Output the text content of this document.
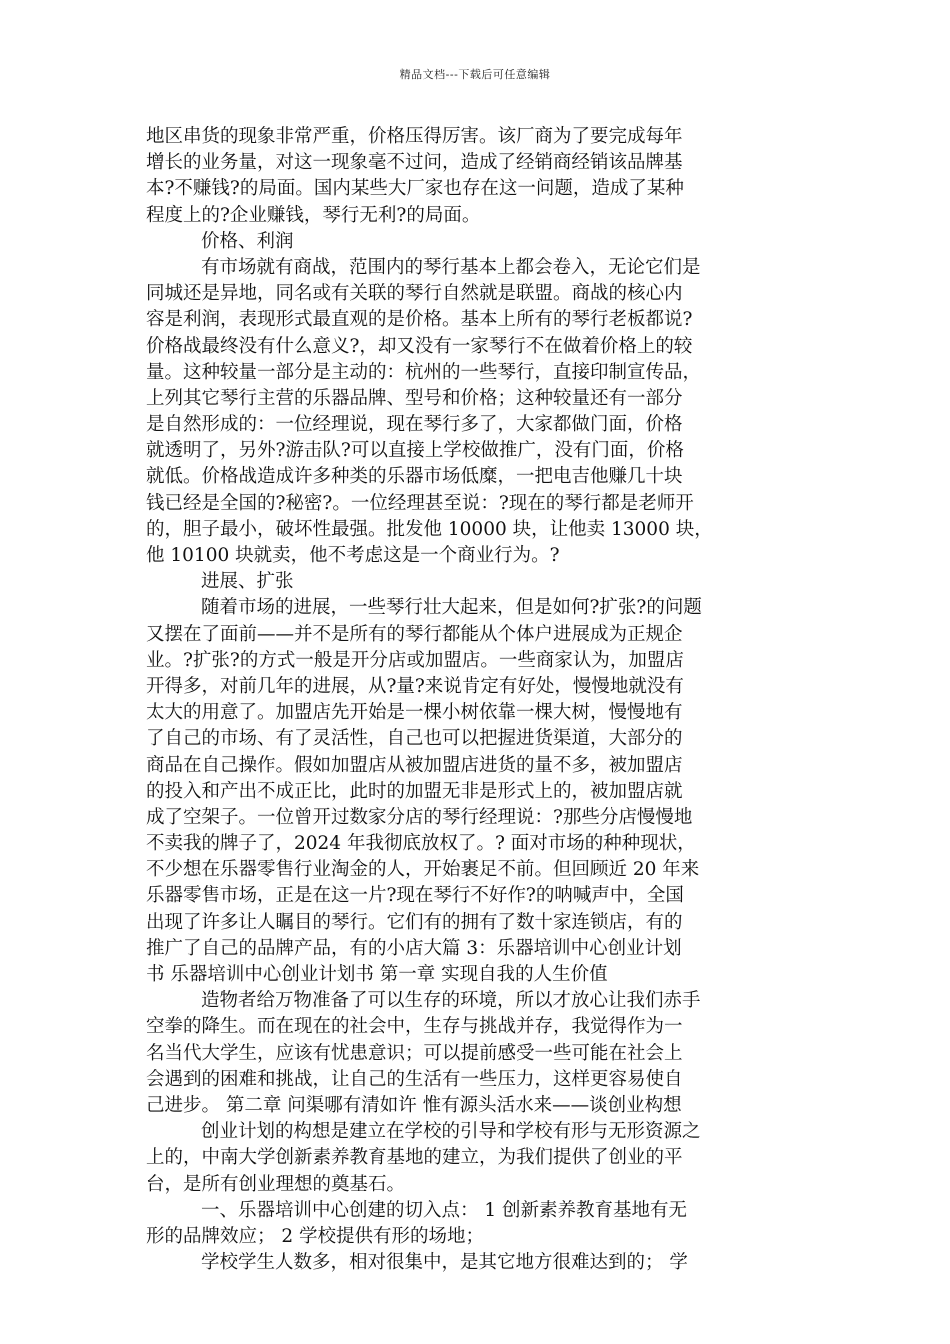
精品文档---下载后可任意编辑
地区串货的现象非常严重，价格压得厉害。该厂商为了要完成每年
增长的业务量，对这一现象毫不过问，造成了经销商经销该品牌基
本?不赚钱?的局面。国内某些大厂家也存在这一问题，造成了某种
程度上的?企业赚钱，琴行无利?的局面。
价格、利润
有市场就有商战，范围内的琴行基本上都会卷入，无论它们是
同城还是异地，同名或有关联的琴行自然就是联盟。商战的核心内
容是利润，表现形式最直观的是价格。基本上所有的琴行老板都说?
价格战最终没有什么意义?，却又没有一家琴行不在做着价格上的较
量。这种较量一部分是主动的：杭州的一些琴行，直接印制宣传品，
上列其它琴行主营的乐器品牌、型号和价格；这种较量还有一部分
是自然形成的：一位经理说，现在琴行多了，大家都做门面，价格
就透明了，另外?游击队?可以直接上学校做推广，没有门面，价格
就低。价格战造成许多种类的乐器市场低糜，一把电吉他赚几十块
钱已经是全国的?秘密?。一位经理甚至说：?现在的琴行都是老师开
的，胆子最小，破坏性最强。批发他 10000 块，让他卖 13000 块，
他 10100 块就卖，他不考虑这是一个商业行为。?
进展、扩张
随着市场的进展，一些琴行壮大起来，但是如何?扩张?的问题
又摆在了面前——并不是所有的琴行都能从个体户进展成为正规企
业。?扩张?的方式一般是开分店或加盟店。一些商家认为，加盟店
开得多，对前几年的进展，从?量?来说肯定有好处，慢慢地就没有
太大的用意了。加盟店先开始是一棵小树依靠一棵大树，慢慢地有
了自己的市场、有了灵活性，自己也可以把握进货渠道，大部分的
商品在自己操作。假如加盟店从被加盟店进货的量不多，被加盟店
的投入和产出不成正比，此时的加盟无非是形式上的，被加盟店就
成了空架子。一位曾开过数家分店的琴行经理说：?那些分店慢慢地
不卖我的牌子了，2024 年我彻底放权了。? 面对市场的种种现状，
不少想在乐器零售行业淘金的人，开始裹足不前。但回顾近 20 年来
乐器零售市场，正是在这一片?现在琴行不好作?的呐喊声中，全国
出现了许多让人瞩目的琴行。它们有的拥有了数十家连锁店，有的
推广了自己的品牌产品，有的小店大篇 3：乐器培训中心创业计划
书 乐器培训中心创业计划书 第一章 实现自我的人生价值
造物者给万物准备了可以生存的环境，所以才放心让我们赤手
空拳的降生。而在现在的社会中，生存与挑战并存，我觉得作为一
名当代大学生，应该有忧患意识；可以提前感受一些可能在社会上
会遇到的困难和挑战，让自己的生活有一些压力，这样更容易使自
己进步。 第二章 问渠哪有清如许 惟有源头活水来——谈创业构想
创业计划的构想是建立在学校的引导和学校有形与无形资源之
上的，中南大学创新素养教育基地的建立，为我们提供了创业的平
台，是所有创业理想的奠基石。
一、乐器培训中心创建的切入点： 1 创新素养教育基地有无
形的品牌效应； 2 学校提供有形的场地；
学校学生人数多，相对很集中，是其它地方很难达到的； 学
